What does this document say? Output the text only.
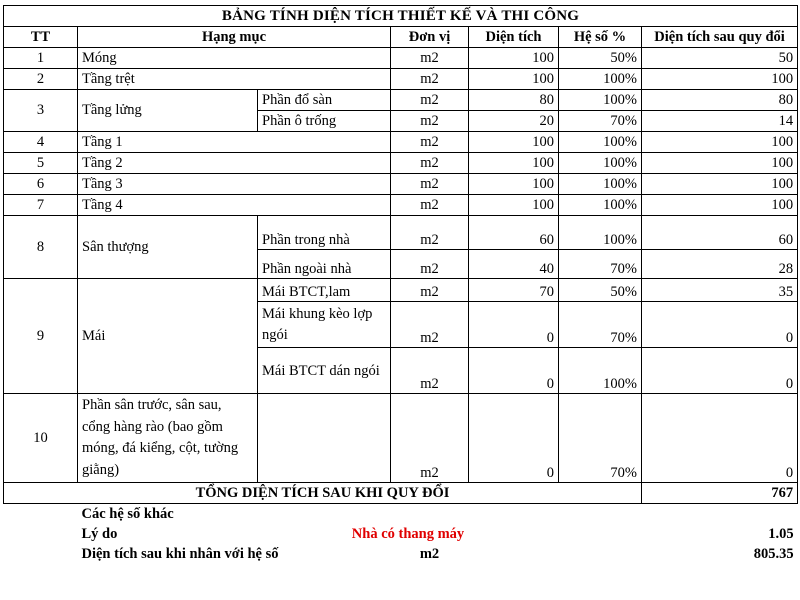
BẢNG TÍNH DIỆN TÍCH THIẾT KẾ VÀ THI CÔNG						
TT	Hạng mục		Đơn vị	Diện tích	Hệ số %	Diện tích sau quy đổi
1	Móng		m2	100	50%	50
2	Tầng trệt		m2	100	100%	100
3	Tầng lửng	Phần đổ sàn	m2	80	100%	80
		Phần ô trống	m2	20	70%	14
4	Tầng 1		m2	100	100%	100
5	Tầng 2		m2	100	100%	100
6	Tầng 3		m2	100	100%	100
7	Tầng 4		m2	100	100%	100
8	Sân thượng	Phần trong nhà	m2	60	100%	60
		Phần ngoài nhà	m2	40	70%	28
9	Mái	Mái BTCT,lam	m2	70	50%	35
		Mái khung kèo lợp ngói	m2	0	70%	0
		Mái BTCT dán ngói	m2	0	100%	0
10	Phần sân trước, sân sau, cổng hàng rào (bao gồm móng, đá kiểng, cột, tường giằng)		m2	0	70%	0
TỔNG DIỆN TÍCH SAU KHI QUY ĐỔI						767
	Các hệ số khác					
	Lý do	Nhà có thang máy				1.05
	Diện tích sau khi nhân với hệ số		m2			805.35
